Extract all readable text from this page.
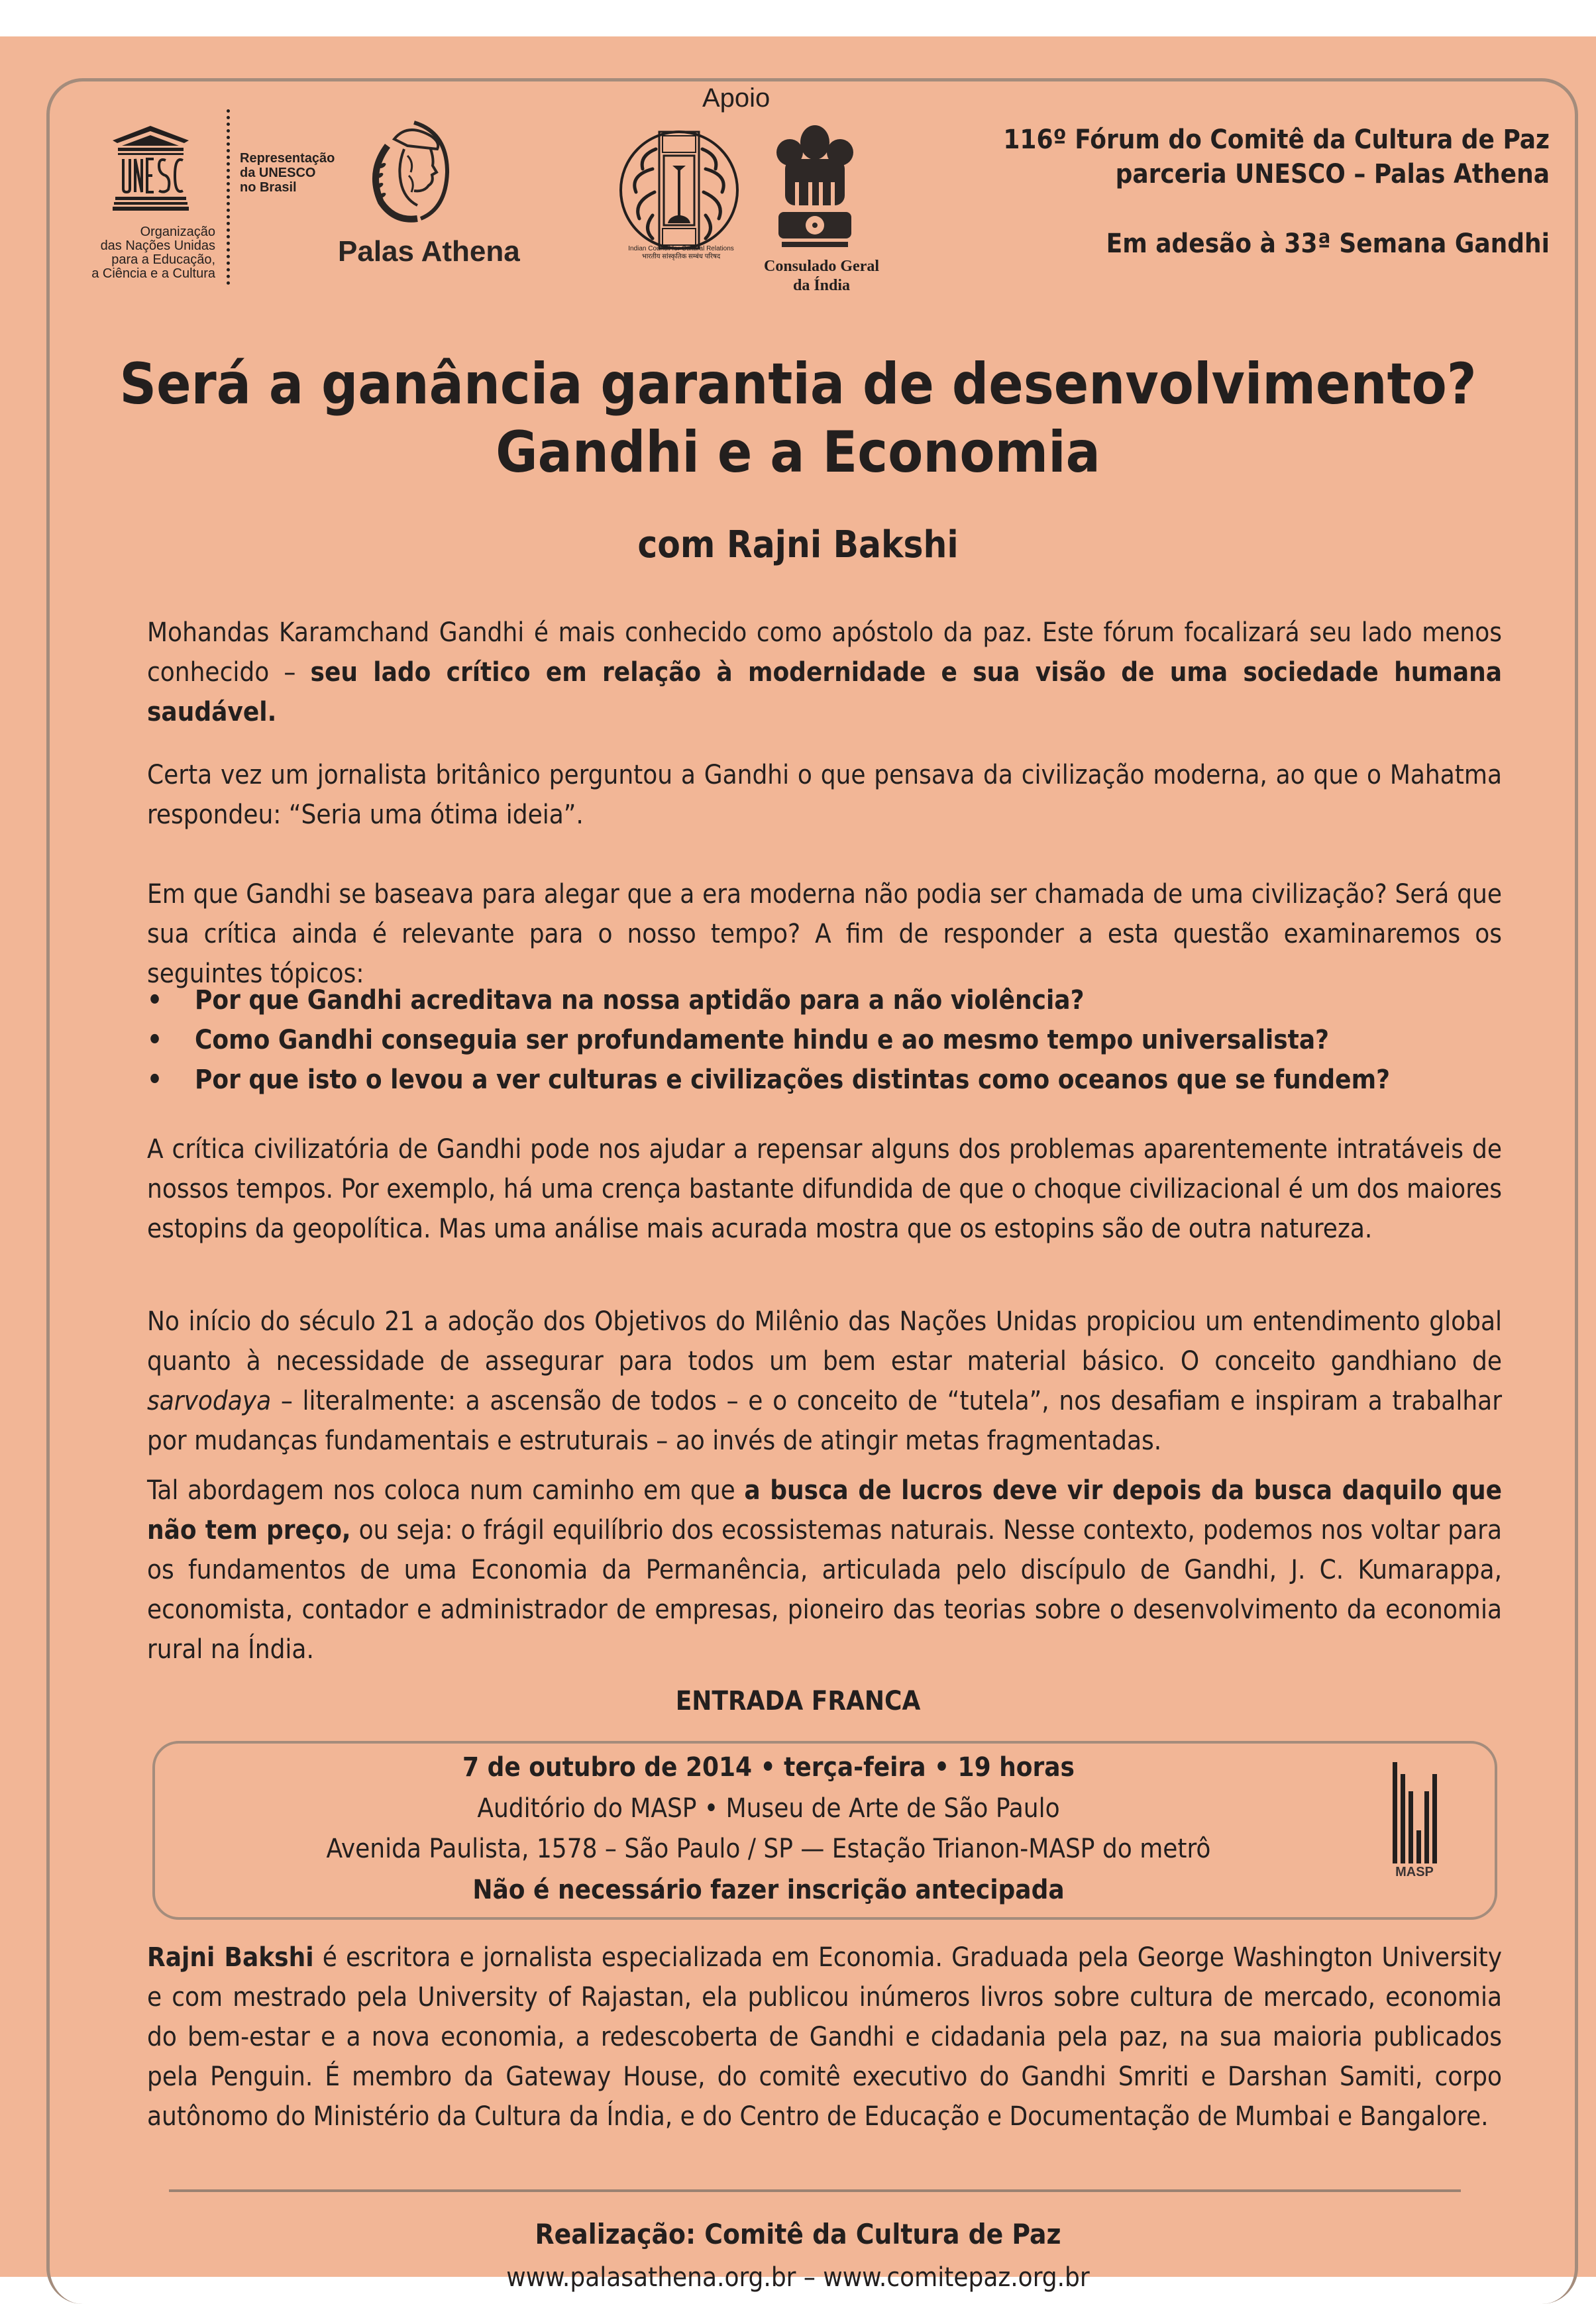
Organização
das Nações Unidas
para a Educação,
a Ciência e a Cultura
Representação
da UNESCO
no Brasil
Palas Athena
Apoio
Indian Council for Cultural Relations
भारतीय सांस्कृतिक सम्बंध परिषद
Consulado Geral
da Índia
116º Fórum do Comitê da Cultura de Paz
parceria UNESCO – Palas Athena
Em adesão à 33ª Semana Gandhi
Será a ganância garantia de desenvolvimento?
Gandhi e a Economia
com Rajni Bakshi
Mohandas Karamchand Gandhi é mais conhecido como apóstolo da paz. Este fórum focalizará seu lado menos conhecido – seu lado crítico em relação à modernidade e sua visão de uma sociedade humana saudável.
Certa vez um jornalista britânico perguntou a Gandhi o que pensava da civilização moderna, ao que o Mahatma respondeu: “Seria uma ótima ideia”.
Em que Gandhi se baseava para alegar que a era moderna não podia ser chamada de uma civilização? Será que sua crítica ainda é relevante para o nosso tempo? A fim de responder a esta questão examinaremos os seguintes tópicos:
• Por que Gandhi acreditava na nossa aptidão para a não violência?
• Como Gandhi conseguia ser profundamente hindu e ao mesmo tempo universalista?
• Por que isto o levou a ver culturas e civilizações distintas como oceanos que se fundem?
A crítica civilizatória de Gandhi pode nos ajudar a repensar alguns dos problemas aparentemente intratáveis de nossos tempos. Por exemplo, há uma crença bastante difundida de que o choque civilizacional é um dos maiores estopins da geopolítica. Mas uma análise mais acurada mostra que os estopins são de outra natureza.
No início do século 21 a adoção dos Objetivos do Milênio das Nações Unidas propiciou um entendimento global quanto à necessidade de assegurar para todos um bem estar material básico. O conceito gandhiano de sarvodaya – literalmente: a ascensão de todos – e o conceito de “tutela”, nos desafiam e inspiram a trabalhar por mudanças fundamentais e estruturais – ao invés de atingir metas fragmentadas.
Tal abordagem nos coloca num caminho em que a busca de lucros deve vir depois da busca daquilo que não tem preço, ou seja: o frágil equilíbrio dos ecossistemas naturais. Nesse contexto, podemos nos voltar para os fundamentos de uma Economia da Permanência, articulada pelo discípulo de Gandhi, J. C. Kumarappa, economista, contador e administrador de empresas, pioneiro das teorias sobre o desenvolvimento da economia rural na Índia.
ENTRADA FRANCA
7 de outubro de 2014 • terça-feira • 19 horas
Auditório do MASP • Museu de Arte de São Paulo
Avenida Paulista, 1578 – São Paulo / SP — Estação Trianon-MASP do metrô
Não é necessário fazer inscrição antecipada
MASP
Rajni Bakshi é escritora e jornalista especializada em Economia. Graduada pela George Washington University e com mestrado pela University of Rajastan, ela publicou inúmeros livros sobre cultura de mercado, economia do bem-estar e a nova economia, a redescoberta de Gandhi e cidadania pela paz, na sua maioria publicados pela Penguin. É membro da Gateway House, do comitê executivo do Gandhi Smriti e Darshan Samiti, corpo autônomo do Ministério da Cultura da Índia, e do Centro de Educação e Documentação de Mumbai e Bangalore.
Realização: Comitê da Cultura de Paz
www.palasathena.org.br – www.comitepaz.org.br
